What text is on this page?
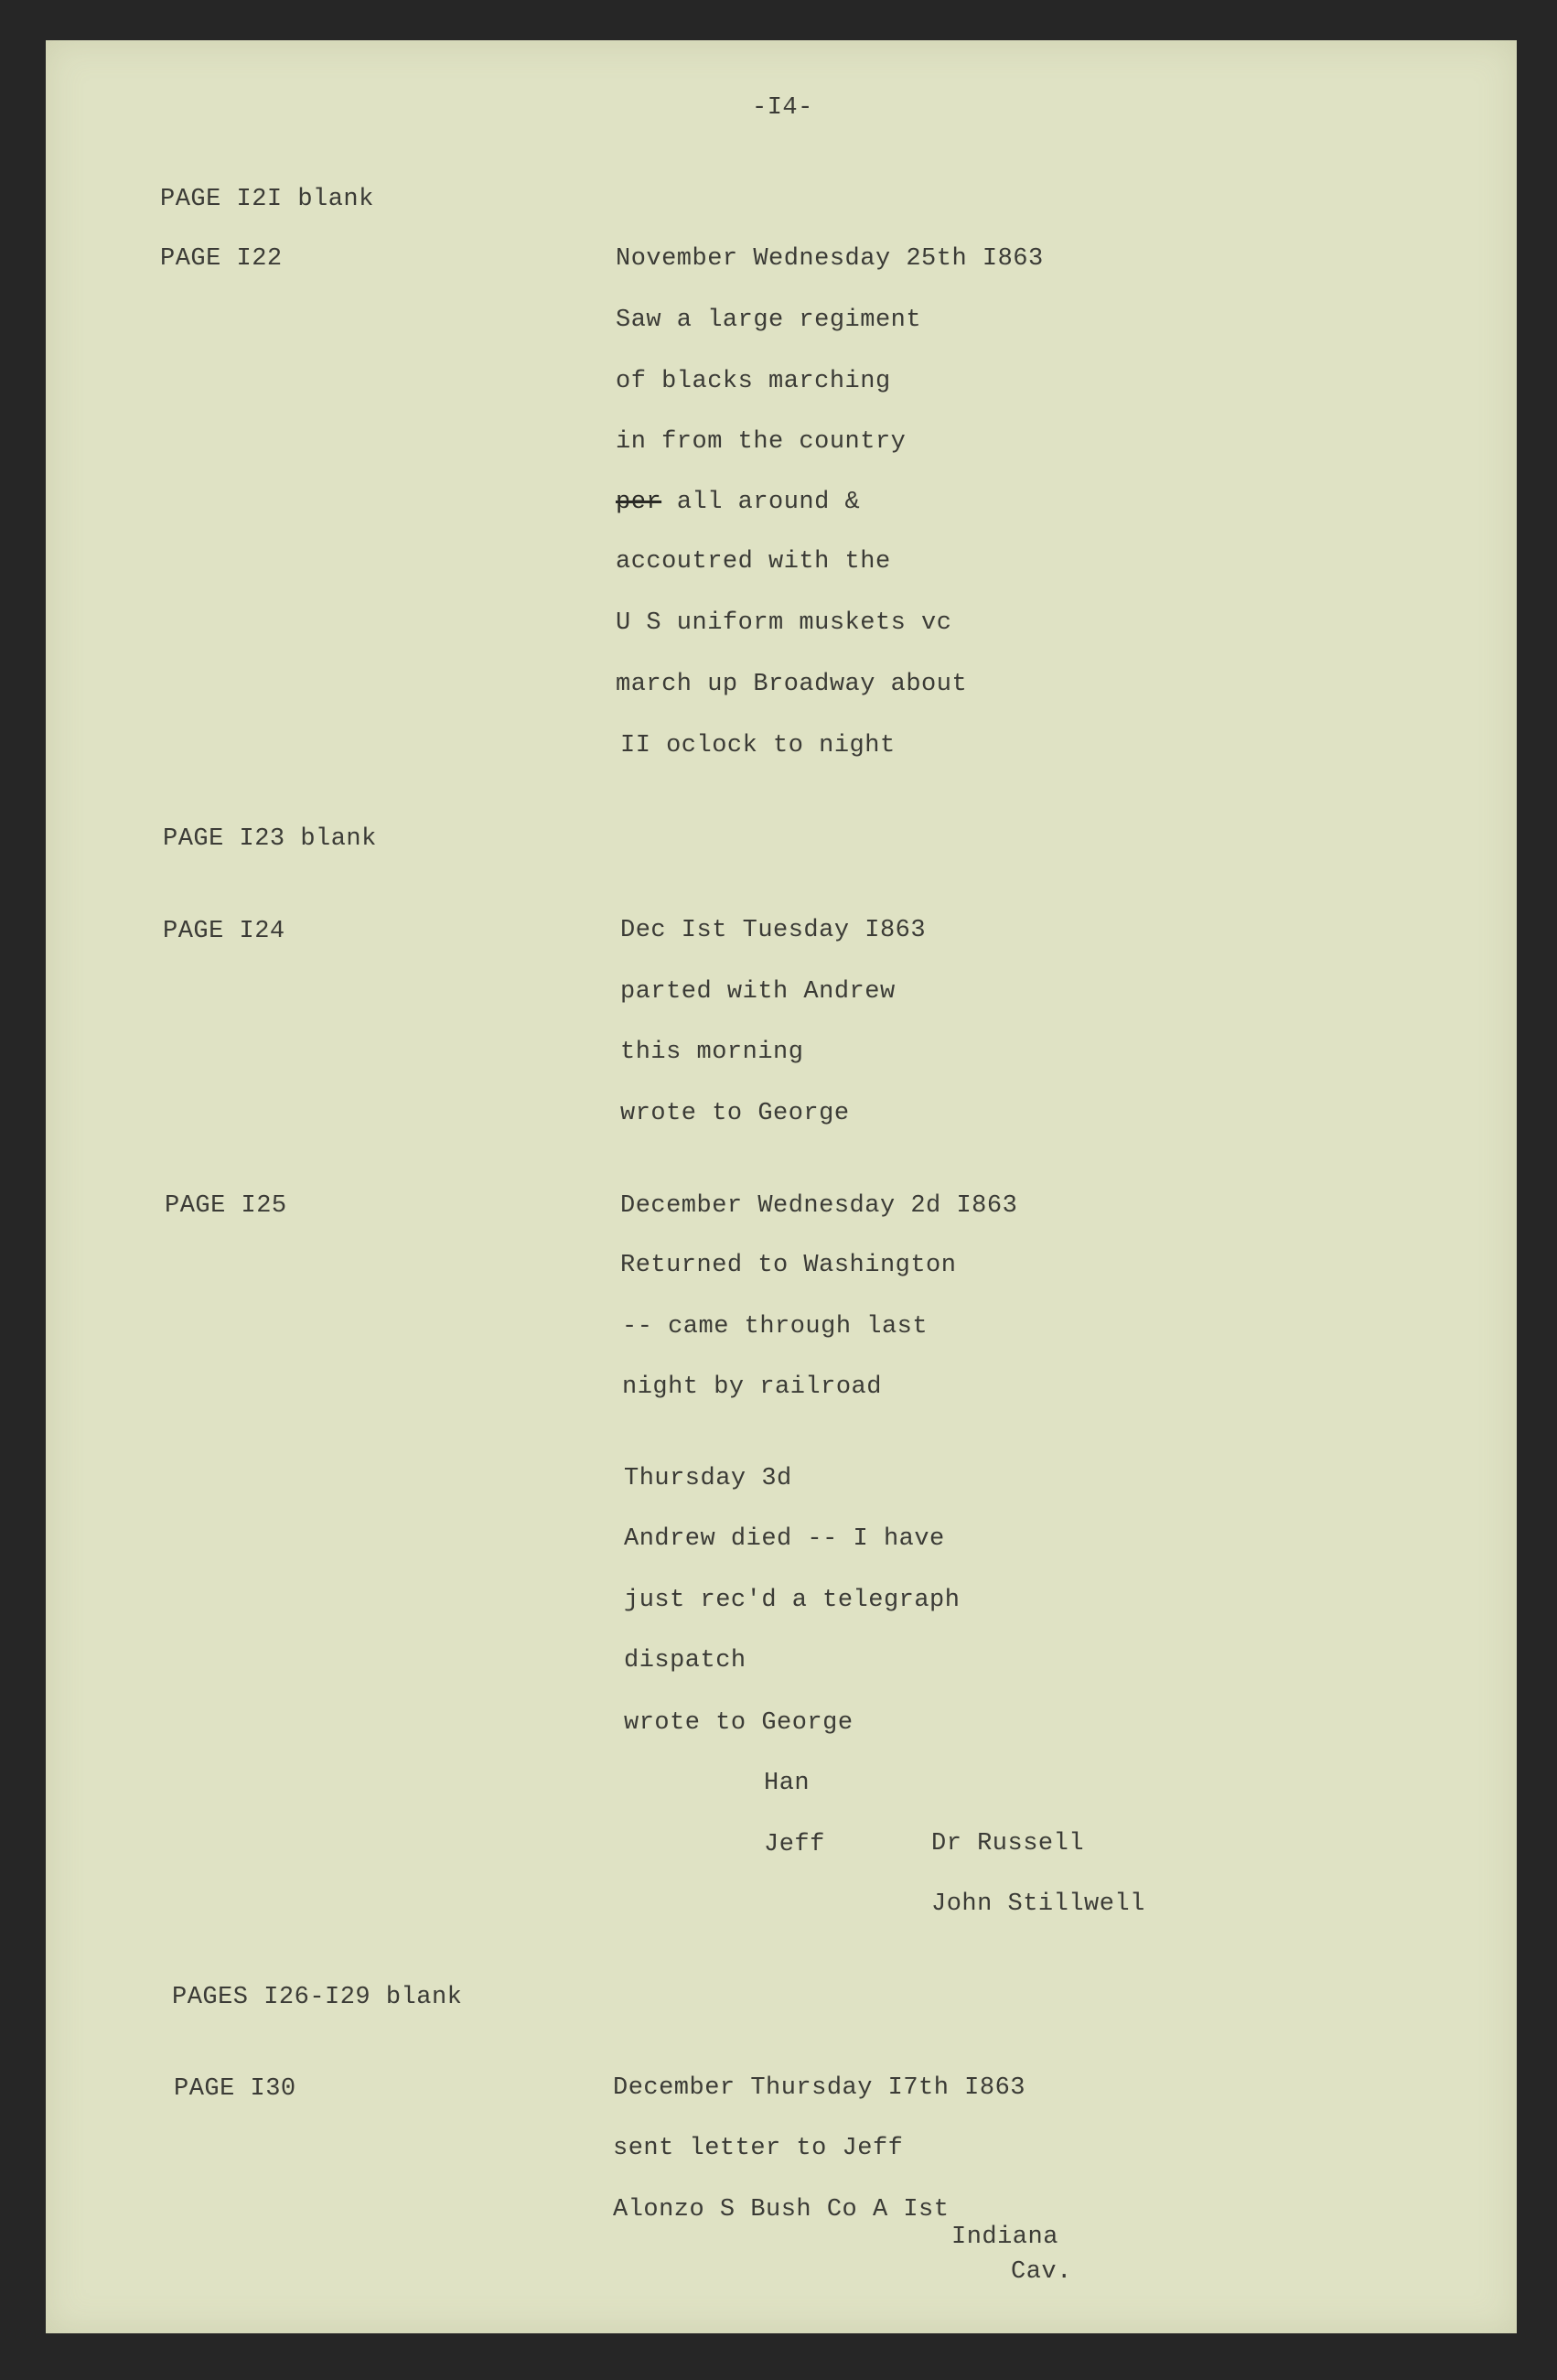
-I4-
PAGE I2I blank
PAGE I22	November Wednesday 25th I863
Saw a large regiment
of blacks marching
in from the country
per all around &
accoutred with the
U S uniform muskets vc
march up Broadway about
II oclock to night
PAGE I23 blank
PAGE I24	Dec Ist Tuesday I863
parted with Andrew
this morning
wrote to George
PAGE I25	December Wednesday 2d I863
Returned to Washington
-- came through last
night by railroad
Thursday 3d
Andrew died -- I have
just rec'd a telegraph
dispatch
wrote to George
Han
Jeff	Dr Russell
John Stillwell
PAGES I26-I29 blank
PAGE I30	December Thursday I7th I863
sent letter to Jeff
Alonzo S Bush Co A Ist
Indiana
Cav.
